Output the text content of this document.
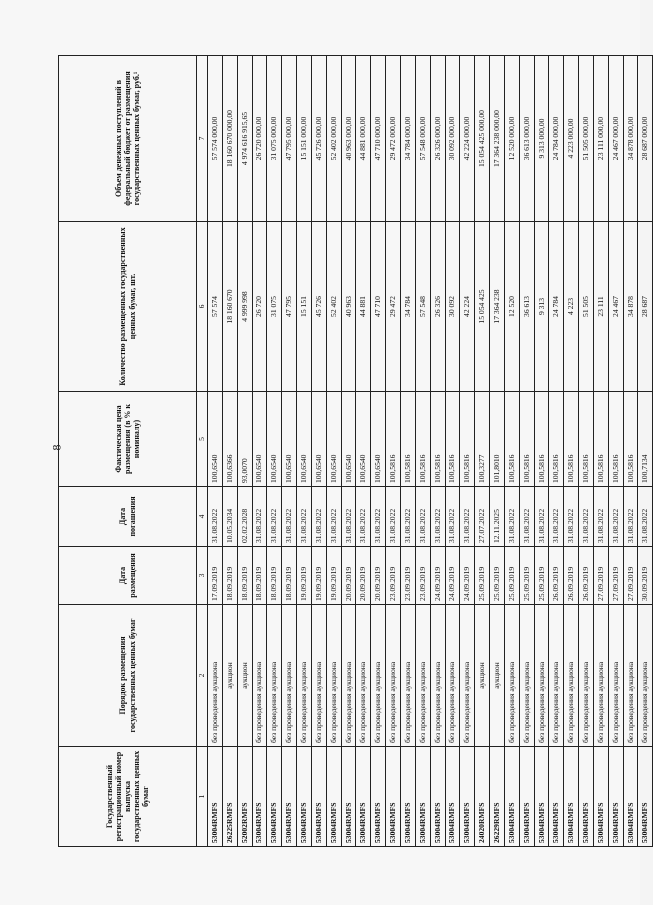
8
Государственный регистрационный номер выпуска государственных ценных бумаг	Порядок размещения государственных ценных бумаг	Дата размещения	Дата погашения	Фактическая цена размещения (в % к номиналу)	Количество размещенных государственных ценных бумаг, шт.	Объем денежных поступлений в федеральный бюджет от размещения государственных ценных бумаг, руб.¹
1	2	3	4	5	6	7
53004RMFS	без проведения аукциона	17.09.2019	31.08.2022	100,6540	57 574	57 574 000,00
26225RMFS	аукцион	18.09.2019	10.05.2034	100,6366	18 160 670	18 160 670 000,00
52002RMFS	аукцион	18.09.2019	02.02.2028	93,0070	4 999 998	4 974 616 915,65
53004RMFS	без проведения аукциона	18.09.2019	31.08.2022	100,6540	26 720	26 720 000,00
53004RMFS	без проведения аукциона	18.09.2019	31.08.2022	100,6540	31 075	31 075 000,00
53004RMFS	без проведения аукциона	18.09.2019	31.08.2022	100,6540	47 795	47 795 000,00
53004RMFS	без проведения аукциона	19.09.2019	31.08.2022	100,6540	15 151	15 151 000,00
53004RMFS	без проведения аукциона	19.09.2019	31.08.2022	100,6540	45 726	45 726 000,00
53004RMFS	без проведения аукциона	19.09.2019	31.08.2022	100,6540	52 402	52 402 000,00
53004RMFS	без проведения аукциона	20.09.2019	31.08.2022	100,6540	40 963	40 963 000,00
53004RMFS	без проведения аукциона	20.09.2019	31.08.2022	100,6540	44 881	44 881 000,00
53004RMFS	без проведения аукциона	20.09.2019	31.08.2022	100,6540	47 710	47 710 000,00
53004RMFS	без проведения аукциона	23.09.2019	31.08.2022	100,5816	29 472	29 472 000,00
53004RMFS	без проведения аукциона	23.09.2019	31.08.2022	100,5816	34 784	34 784 000,00
53004RMFS	без проведения аукциона	23.09.2019	31.08.2022	100,5816	57 548	57 548 000,00
53004RMFS	без проведения аукциона	24.09.2019	31.08.2022	100,5816	26 326	26 326 000,00
53004RMFS	без проведения аукциона	24.09.2019	31.08.2022	100,5816	30 092	30 092 000,00
53004RMFS	без проведения аукциона	24.09.2019	31.08.2022	100,5816	42 224	42 224 000,00
24020RMFS	аукцион	25.09.2019	27.07.2022	100,3277	15 054 425	15 054 425 000,00
26229RMFS	аукцион	25.09.2019	12.11.2025	101,8010	17 364 238	17 364 238 000,00
53004RMFS	без проведения аукциона	25.09.2019	31.08.2022	100,5816	12 520	12 520 000,00
53004RMFS	без проведения аукциона	25.09.2019	31.08.2022	100,5816	36 613	36 613 000,00
53004RMFS	без проведения аукциона	25.09.2019	31.08.2022	100,5816	9 313	9 313 000,00
53004RMFS	без проведения аукциона	26.09.2019	31.08.2022	100,5816	24 784	24 784 000,00
53004RMFS	без проведения аукциона	26.09.2019	31.08.2022	100,5816	4 223	4 223 000,00
53004RMFS	без проведения аукциона	26.09.2019	31.08.2022	100,5816	51 505	51 505 000,00
53004RMFS	без проведения аукциона	27.09.2019	31.08.2022	100,5816	23 111	23 111 000,00
53004RMFS	без проведения аукциона	27.09.2019	31.08.2022	100,5816	24 467	24 467 000,00
53004RMFS	без проведения аукциона	27.09.2019	31.08.2022	100,5816	34 878	34 878 000,00
53004RMFS	без проведения аукциона	30.09.2019	31.08.2022	100,7134	28 687	28 687 000,00
